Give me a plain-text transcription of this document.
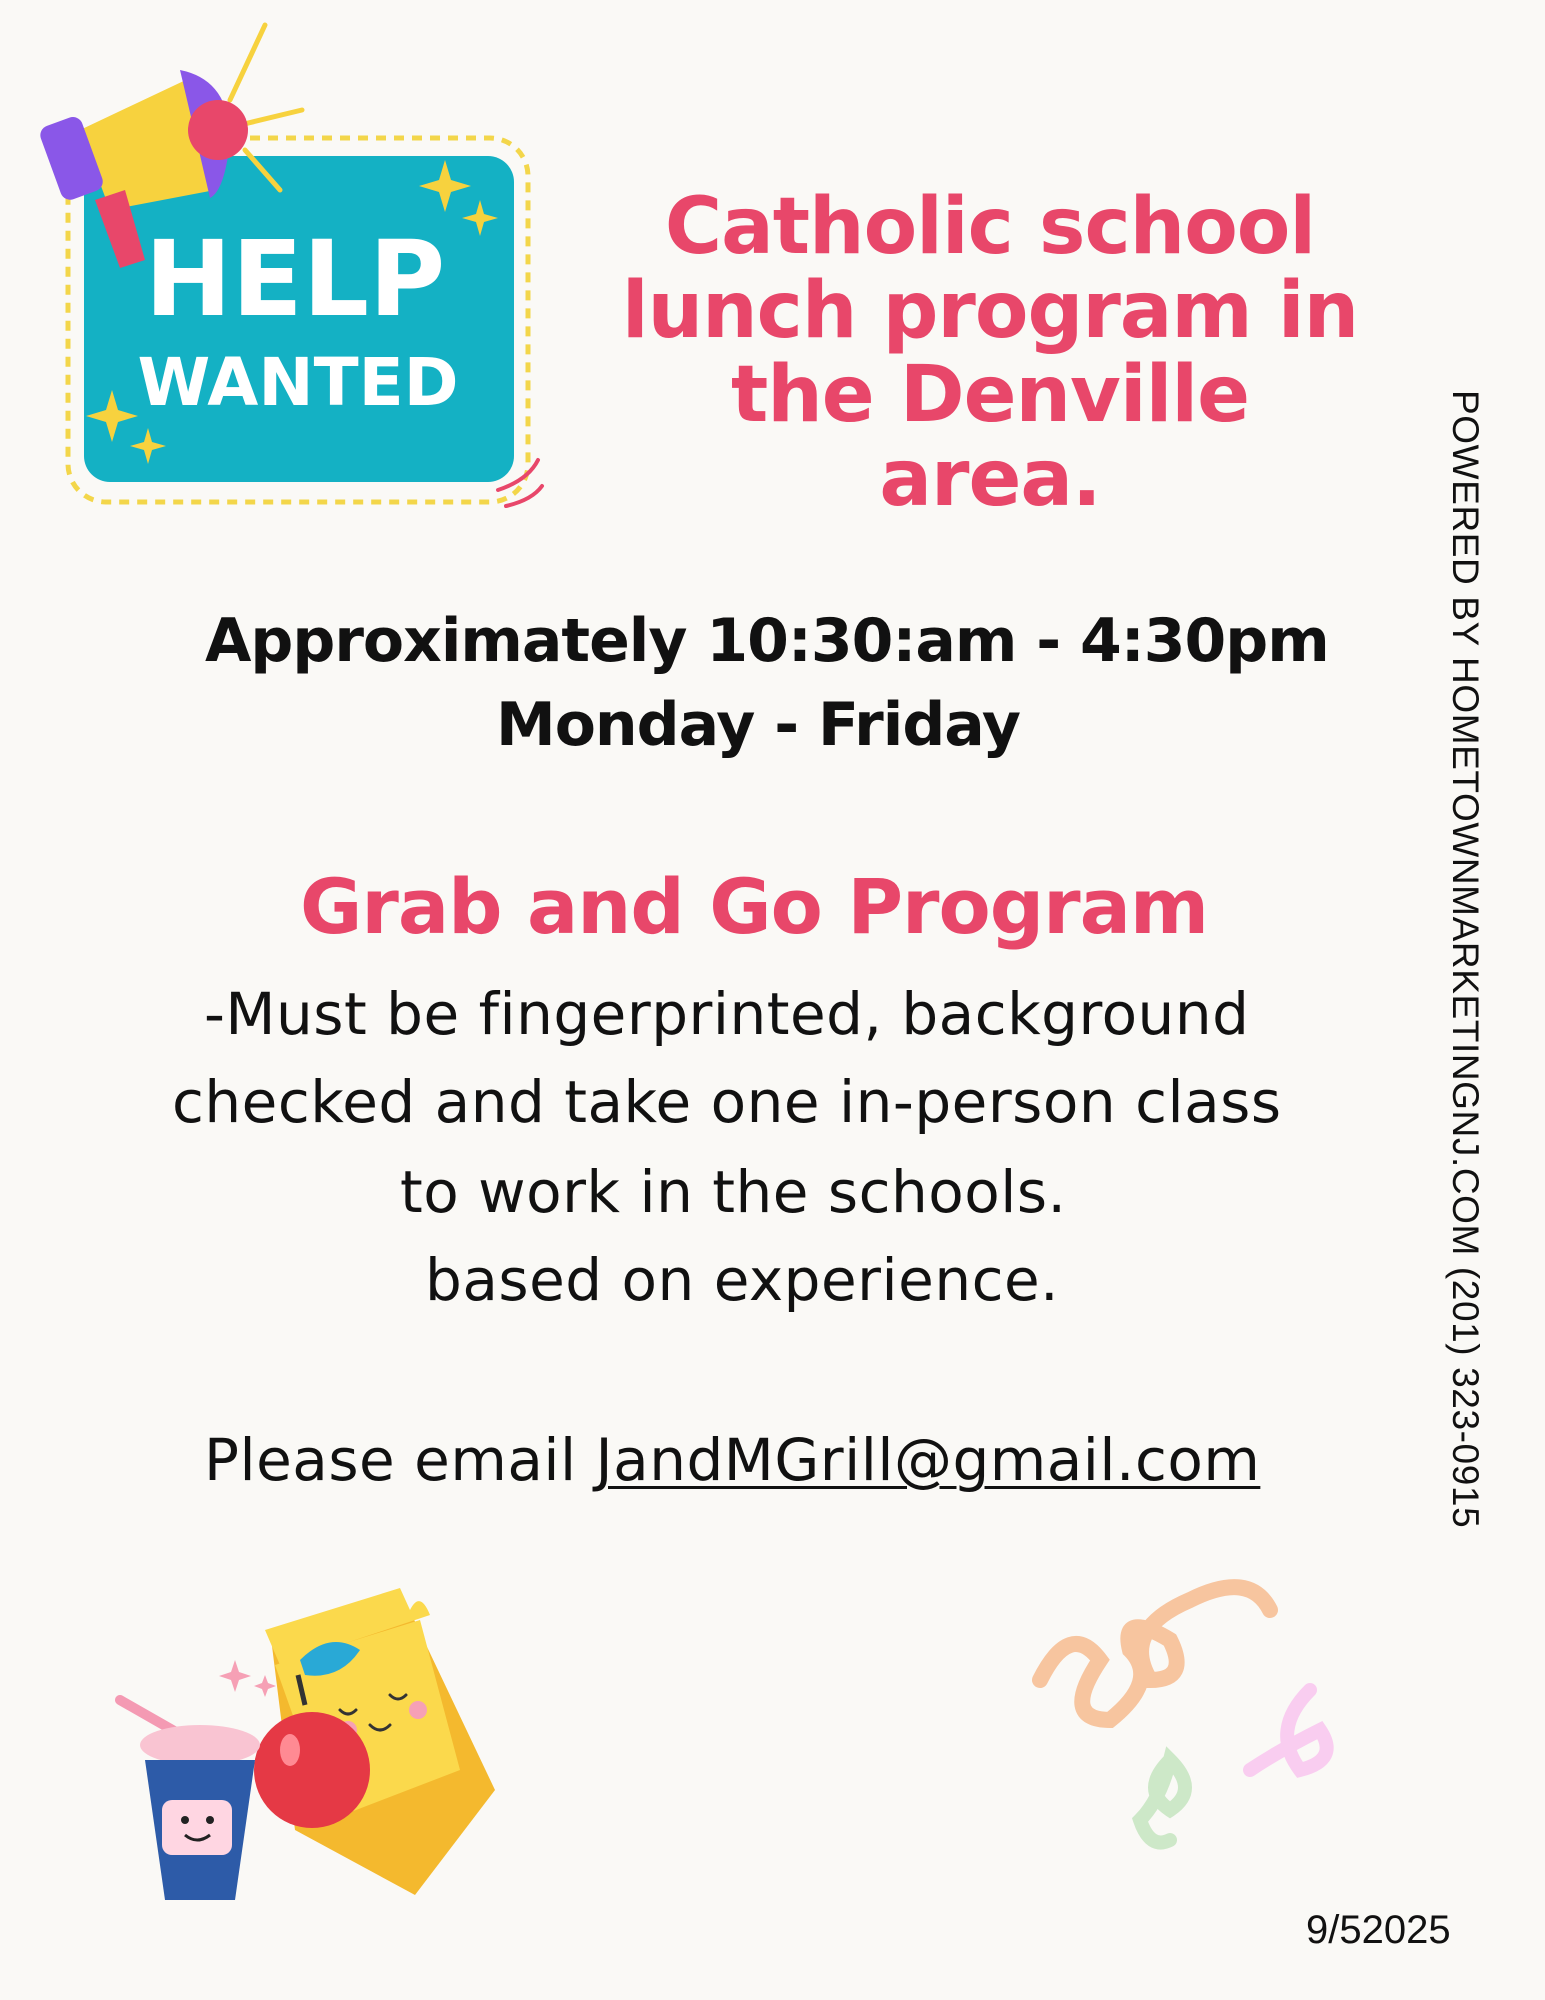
HELP
WANTED
Catholic school
lunch program in
the Denville area.
Approximately 10:30:am - 4:30pm
Monday - Friday
Grab and Go Program
-Must be fingerprinted, background
checked and take one in-person class
to work in the schools.
based on experience.
Please email JandMGrill@gmail.com	POWERED BY HOMETOWNMARKETINGNJ.COM (201) 323-0915
9/52025
